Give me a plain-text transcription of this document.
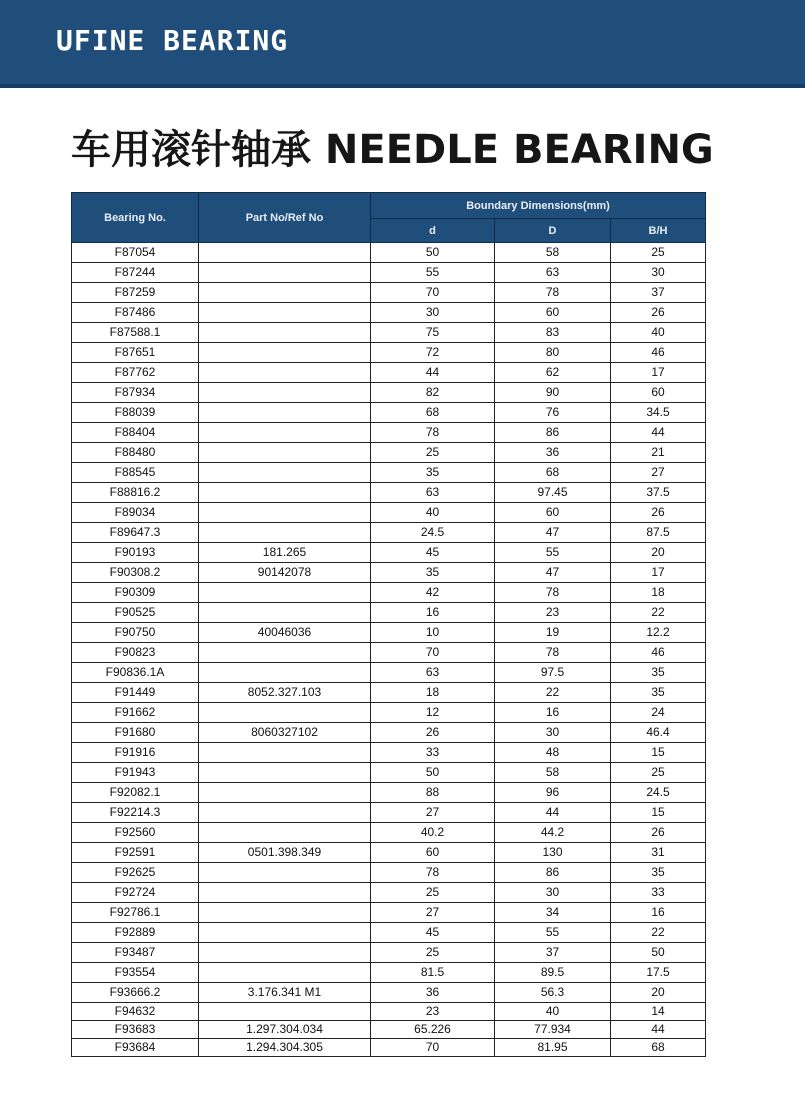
UFINE BEARING
车用滚针轴承 NEEDLE BEARING
Bearing No.	Part No/Ref No	Boundary Dimensions(mm)		
		d	D	B/H
F87054		50	58	25
F87244		55	63	30
F87259		70	78	37
F87486		30	60	26
F87588.1		75	83	40
F87651		72	80	46
F87762		44	62	17
F87934		82	90	60
F88039		68	76	34.5
F88404		78	86	44
F88480		25	36	21
F88545		35	68	27
F88816.2		63	97.45	37.5
F89034		40	60	26
F89647.3		24.5	47	87.5
F90193	181.265	45	55	20
F90308.2	90142078	35	47	17
F90309		42	78	18
F90525		16	23	22
F90750	40046036	10	19	12.2
F90823		70	78	46
F90836.1A		63	97.5	35
F91449	8052.327.103	18	22	35
F91662		12	16	24
F91680	8060327102	26	30	46.4
F91916		33	48	15
F91943		50	58	25
F92082.1		88	96	24.5
F92214.3		27	44	15
F92560		40.2	44.2	26
F92591	0501.398.349	60	130	31
F92625		78	86	35
F92724		25	30	33
F92786.1		27	34	16
F92889		45	55	22
F93487		25	37	50
F93554		81.5	89.5	17.5
F93666.2	3.176.341 M1	36	56.3	20
F94632		23	40	14
F93683	1.297.304.034	65.226	77.934	44
F93684	1.294.304.305	70	81.95	68
